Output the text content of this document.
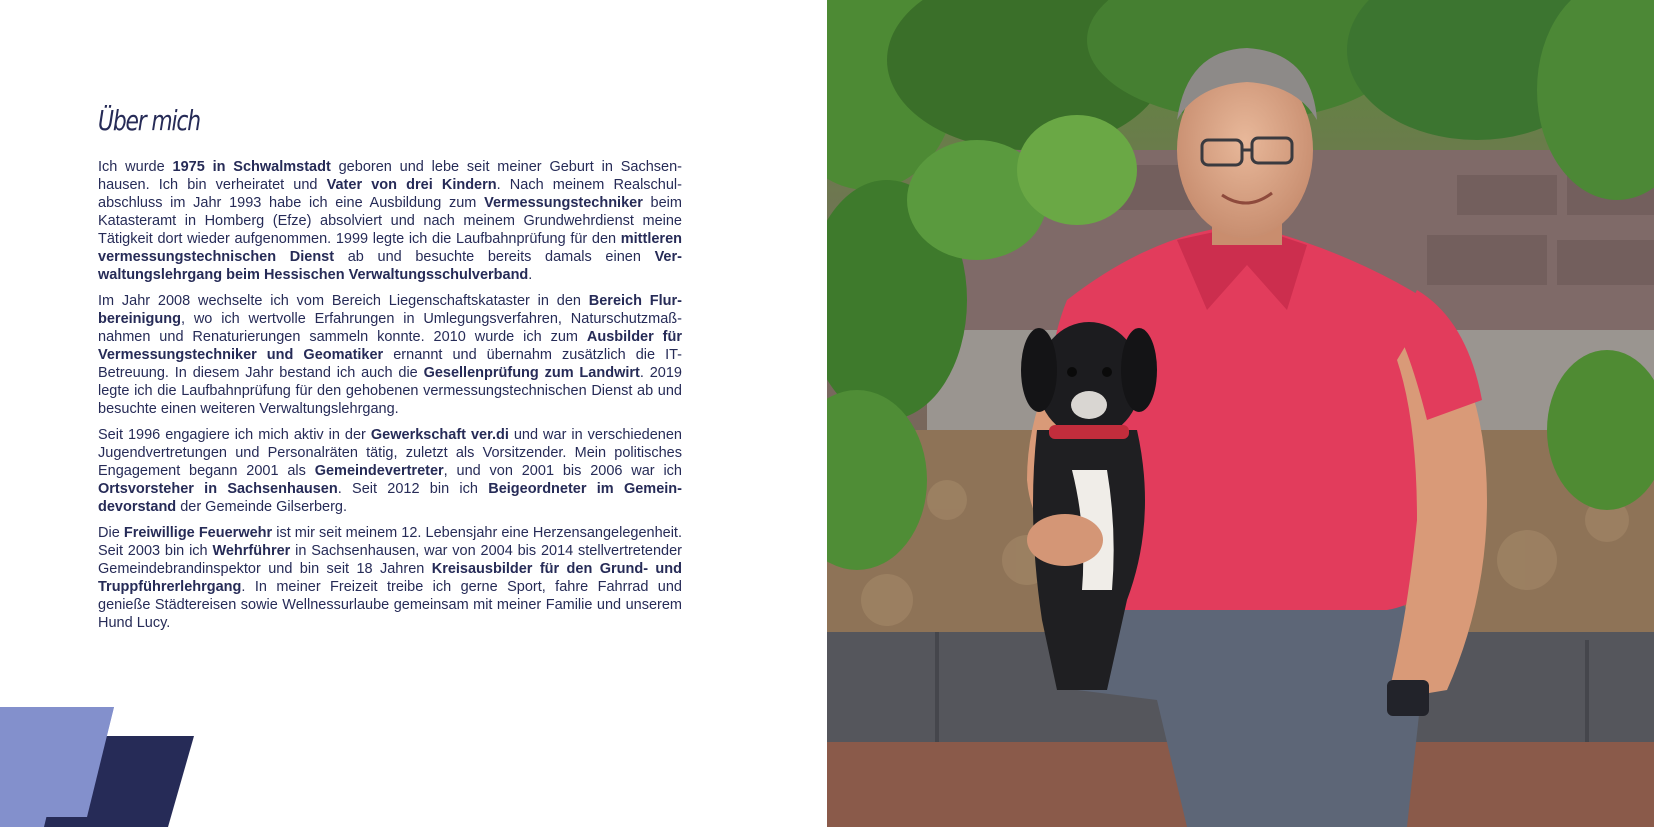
Über mich

Ich wurde 1975 in Schwalmstadt geboren und lebe seit meiner Geburt in Sachsenhausen. Ich bin verheiratet und Vater von drei Kindern. Nach meinem Realschulabschluss im Jahr 1993 habe ich eine Ausbildung zum Vermessungstechniker beim Katasteramt in Homberg (Efze) absolviert und nach meinem Grundwehrdienst meine Tätigkeit dort wieder aufgenommen. 1999 legte ich die Laufbahnprüfung für den mittleren vermessungstechnischen Dienst ab und besuchte bereits damals einen Verwaltungslehrgang beim Hessischen Verwaltungsschulverband.

Im Jahr 2008 wechselte ich vom Bereich Liegenschaftskataster in den Bereich Flurbereinigung, wo ich wertvolle Erfahrungen in Umlegungsverfahren, Naturschutzmaßnahmen und Renaturierungen sammeln konnte. 2010 wurde ich zum Ausbilder für Vermessungstechniker und Geomatiker ernannt und übernahm zusätzlich die IT-Betreuung. In diesem Jahr bestand ich auch die Gesellenprüfung zum Landwirt. 2019 legte ich die Laufbahnprüfung für den gehobenen vermessungstechnischen Dienst ab und besuchte einen weiteren Verwaltungslehrgang.

Seit 1996 engagiere ich mich aktiv in der Gewerkschaft ver.di und war in verschiedenen Jugendvertretungen und Personalräten tätig, zuletzt als Vorsitzender. Mein politisches Engagement begann 2001 als Gemeindevertreter, und von 2001 bis 2006 war ich Ortsvorsteher in Sachsenhausen. Seit 2012 bin ich Beigeordneter im Gemeindevorstand der Gemeinde Gilserberg.

Die Freiwillige Feuerwehr ist mir seit meinem 12. Lebensjahr eine Herzensangelegenheit. Seit 2003 bin ich Wehrführer in Sachsenhausen, war von 2004 bis 2014 stellvertretender Gemeindebrandinspektor und bin seit 18 Jahren Kreisausbilder für den Grund- und Truppführerlehrgang. In meiner Freizeit treibe ich gerne Sport, fahre Fahrrad und genieße Städtereisen sowie Wellnessurlaube gemeinsam mit meiner Familie und unserem Hund Lucy.
